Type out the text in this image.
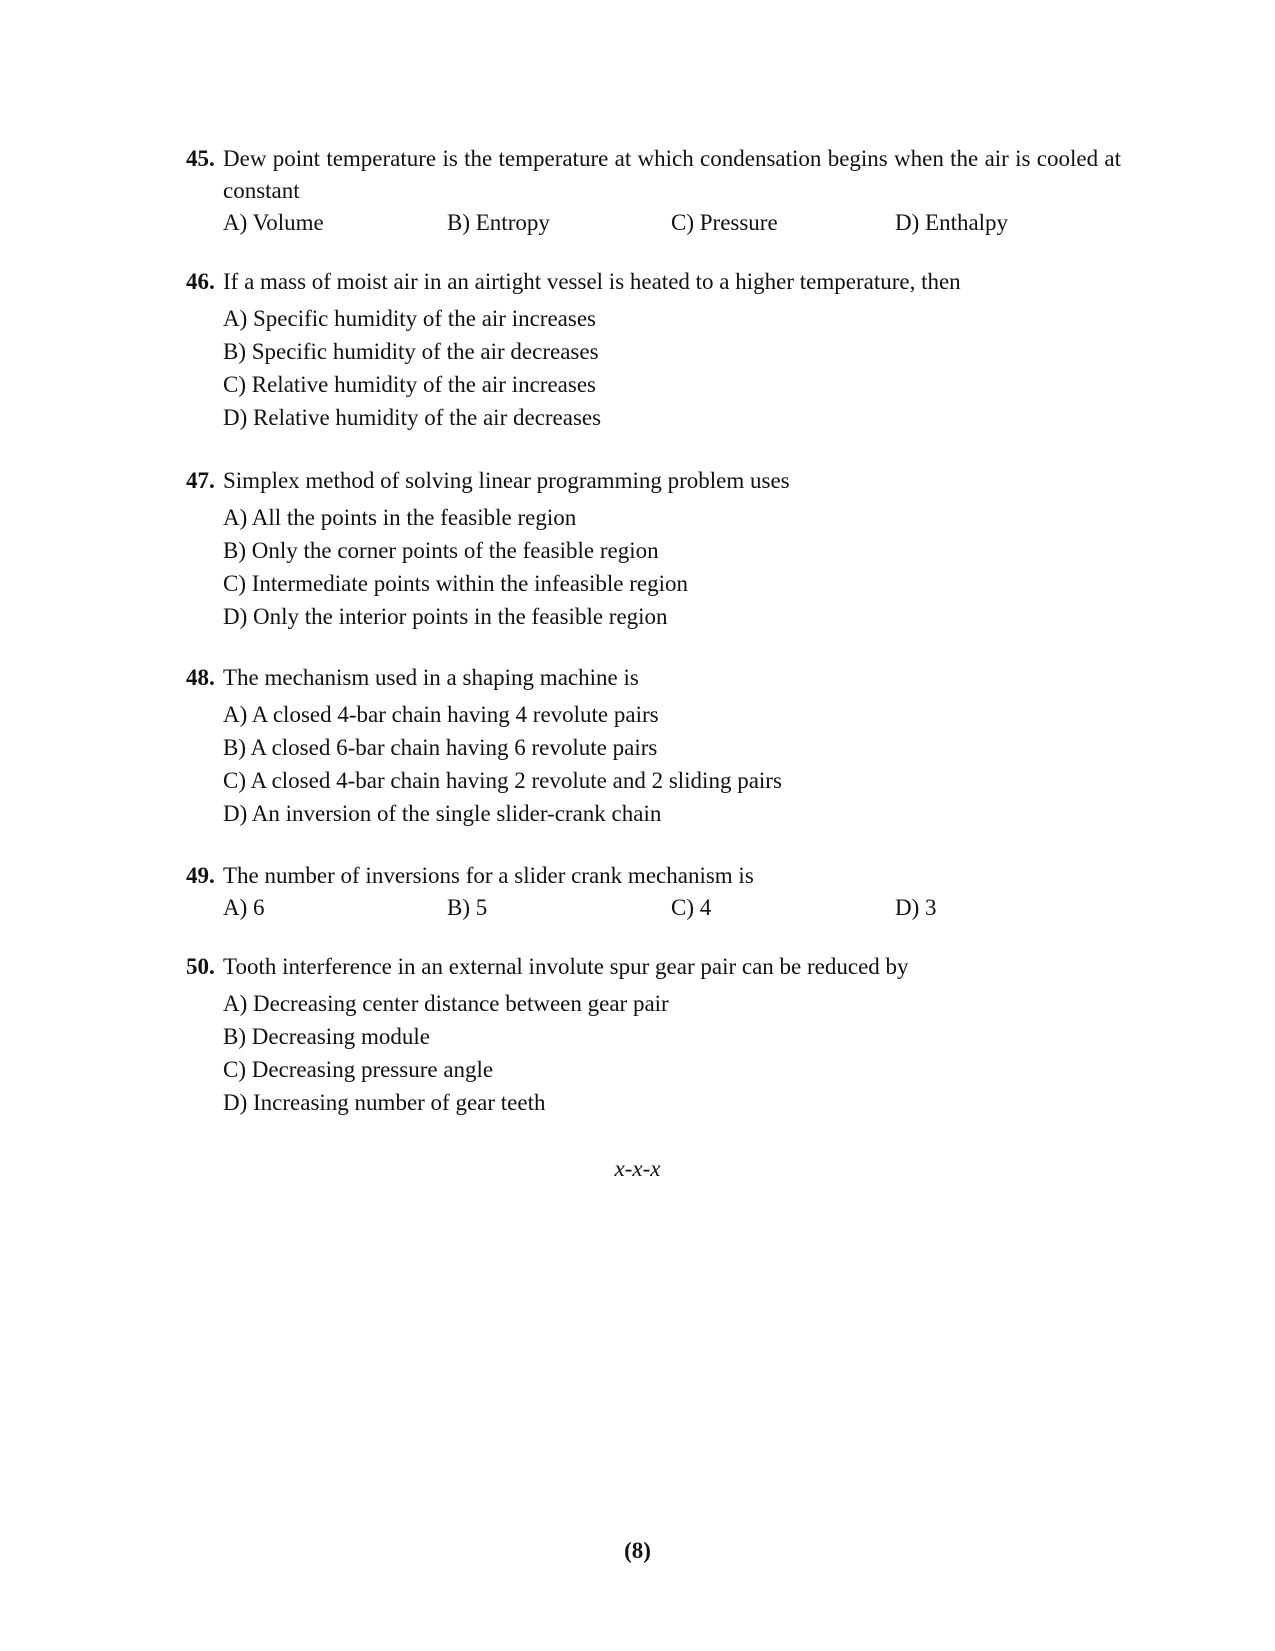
45. Dew point temperature is the temperature at which condensation begins when the air is cooled at constant
A) Volume	B) Entropy	C) Pressure	D) Enthalpy
46. If a mass of moist air in an airtight vessel is heated to a higher temperature, then
A) Specific humidity of the air increases
B) Specific humidity of the air decreases
C) Relative humidity of the air increases
D) Relative humidity of the air decreases
47. Simplex method of solving linear programming problem uses
A) All the points in the feasible region
B) Only the corner points of the feasible region
C) Intermediate points within the infeasible region
D) Only the interior points in the feasible region
48. The mechanism used in a shaping machine is
A) A closed 4-bar chain having 4 revolute pairs
B) A closed 6-bar chain having 6 revolute pairs
C) A closed 4-bar chain having 2 revolute and 2 sliding pairs
D) An inversion of the single slider-crank chain
49. The number of inversions for a slider crank mechanism is
A) 6	B) 5	C) 4	D) 3
50. Tooth interference in an external involute spur gear pair can be reduced by
A) Decreasing center distance between gear pair
B) Decreasing module
C) Decreasing pressure angle
D) Increasing number of gear teeth
x-x-x
(8)
